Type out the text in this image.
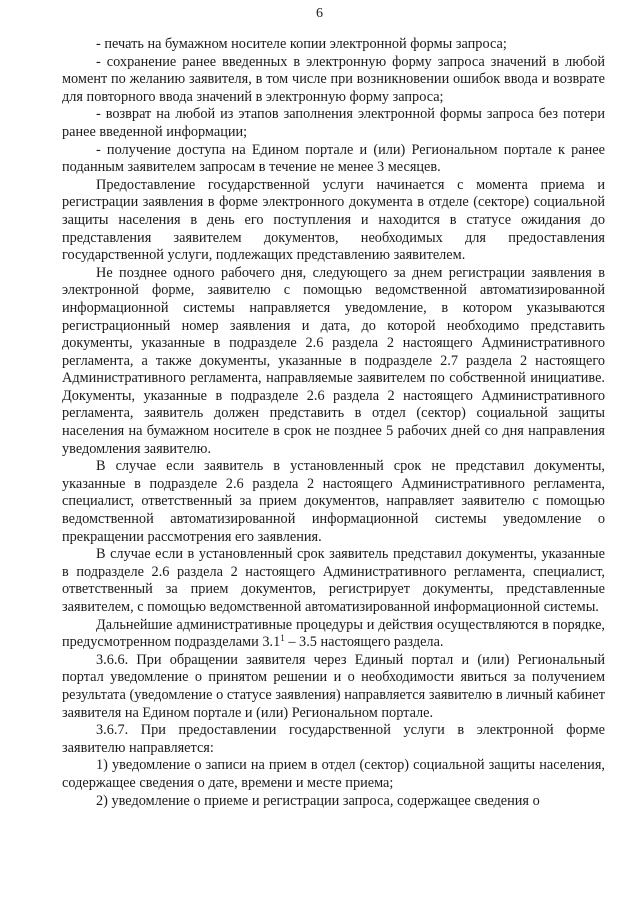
6

- печать на бумажном носителе копии электронной формы запроса;

- сохранение ранее введенных в электронную форму запроса значений в любой момент по желанию заявителя, в том числе при возникновении ошибок ввода и возврате для повторного ввода значений в электронную форму запроса;

- возврат на любой из этапов заполнения электронной формы запроса без потери ранее введенной информации;

- получение доступа на Едином портале и (или) Региональном портале к ранее поданным заявителем запросам в течение не менее 3 месяцев.

Предоставление государственной услуги начинается с момента приема и регистрации заявления в форме электронного документа в отделе (секторе) социальной защиты населения в день его поступления и находится в статусе ожидания до представления заявителем документов, необходимых для предоставления государственной услуги, подлежащих представлению заявителем.

Не позднее одного рабочего дня, следующего за днем регистрации заявления в электронной форме, заявителю с помощью ведомственной автоматизированной информационной системы направляется уведомление, в котором указываются регистрационный номер заявления и дата, до которой необходимо представить документы, указанные в подразделе 2.6 раздела 2 настоящего Административного регламента, а также документы, указанные в подразделе 2.7 раздела 2 настоящего Административного регламента, направляемые заявителем по собственной инициативе. Документы, указанные в подразделе 2.6 раздела 2 настоящего Административного регламента, заявитель должен представить в отдел (сектор) социальной защиты населения на бумажном носителе в срок не позднее 5 рабочих дней со дня направления уведомления заявителю.

В случае если заявитель в установленный срок не представил документы, указанные в подразделе 2.6 раздела 2 настоящего Административного регламента, специалист, ответственный за прием документов, направляет заявителю с помощью ведомственной автоматизированной информационной системы уведомление о прекращении рассмотрения его заявления.

В случае если в установленный срок заявитель представил документы, указанные в подразделе 2.6 раздела 2 настоящего Административного регламента, специалист, ответственный за прием документов, регистрирует документы, представленные заявителем, с помощью ведомственной автоматизированной информационной системы.

Дальнейшие административные процедуры и действия осуществляются в порядке, предусмотренном подразделами $3.1^1 - 3.5$ настоящего раздела.

3.6.6. При обращении заявителя через Единый портал и (или) Региональный портал уведомление о принятом решении и о необходимости явиться за получением результата (уведомление о статусе заявления) направляется заявителю в личный кабинет заявителя на Едином портале и (или) Региональном портале.

3.6.7. При предоставлении государственной услуги в электронной форме заявителю направляется:

1) уведомление о записи на прием в отдел (сектор) социальной защиты населения, содержащее сведения о дате, времени и месте приема;

2) уведомление о приеме и регистрации запроса, содержащее сведения о
